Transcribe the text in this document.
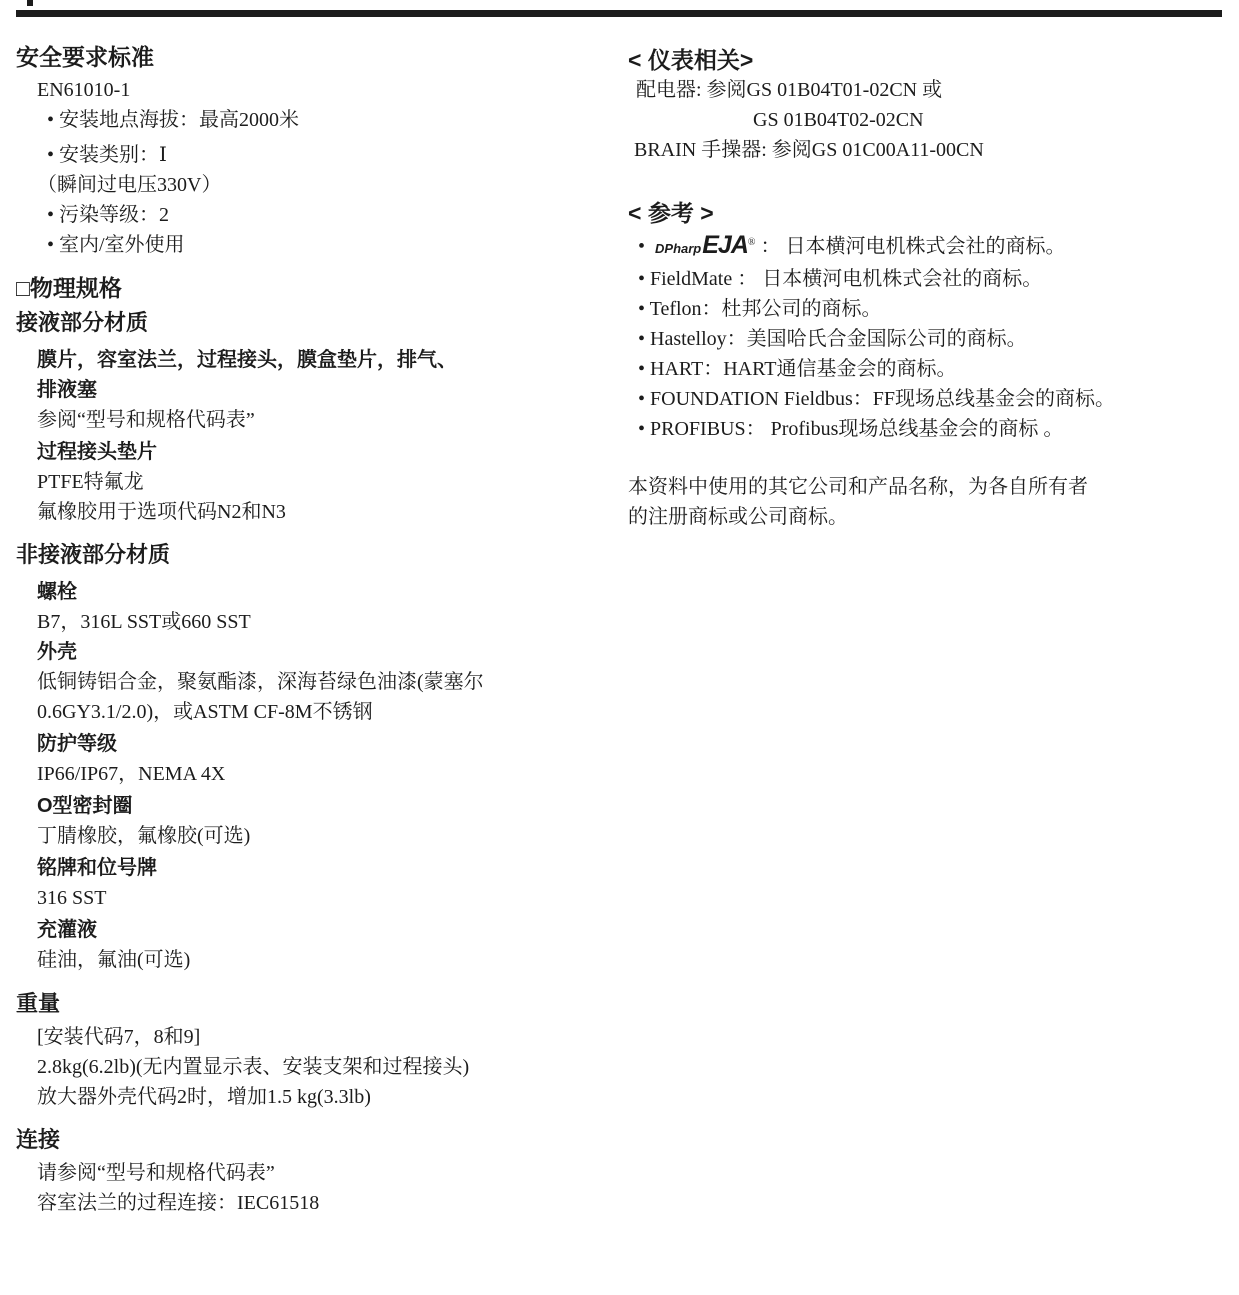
安全要求标准
EN61010-1
• 安装地点海拔：最高2000米
• 安装类别：Ⅰ
（瞬间过电压330V）
• 污染等级：2
• 室内/室外使用
□物理规格
接液部分材质
膜片，容室法兰，过程接头，膜盒垫片，排气、
排液塞
参阅“型号和规格代码表”
过程接头垫片
PTFE特氟龙
氟橡胶用于选项代码N2和N3
非接液部分材质
螺栓
B7，316L SST或660 SST
外壳
低铜铸铝合金，聚氨酯漆，深海苔绿色油漆(蒙塞尔
0.6GY3.1/2.0)，或ASTM CF-8M不锈钢
防护等级
IP66/IP67，NEMA 4X
O型密封圈
丁腈橡胶，氟橡胶(可选)
铭牌和位号牌
316 SST
充灌液
硅油，氟油(可选)
重量
[安装代码7，8和9]
2.8kg(6.2lb)(无内置显示表、安装支架和过程接头)
放大器外壳代码2时，增加1.5 kg(3.3lb)
连接
请参阅“型号和规格代码表”
容室法兰的过程连接：IEC61518
< 仪表相关>
配电器: 参阅GS 01B04T01-02CN 或
GS 01B04T02-02CN
BRAIN 手操器: 参阅GS 01C00A11-00CN
< 参考 >
• DPharpEJA® ： 日本横河电机株式会社的商标。
• FieldMate ： 日本横河电机株式会社的商标。
• Teflon：杜邦公司的商标。
• Hastelloy：美国哈氏合金国际公司的商标。
• HART：HART通信基金会的商标。
• FOUNDATION Fieldbus：FF现场总线基金会的商标。
• PROFIBUS： Profibus现场总线基金会的商标 。
本资料中使用的其它公司和产品名称，为各自所有者
的注册商标或公司商标。
